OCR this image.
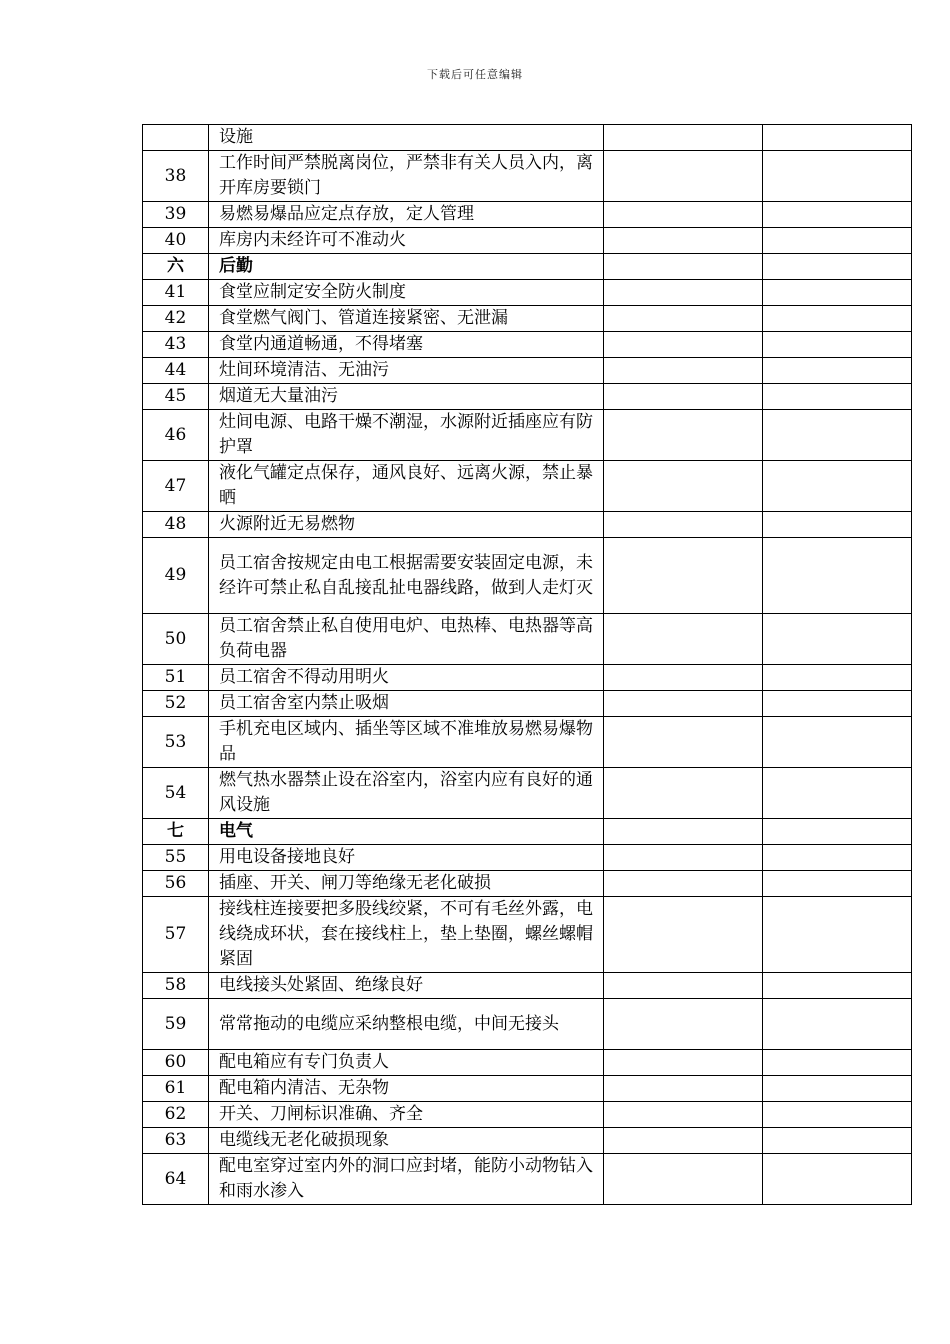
下载后可任意编辑
	设施		
38	工作时间严禁脱离岗位，严禁非有关人员入内，离开库房要锁门		
39	易燃易爆品应定点存放，定人管理		
40	库房内未经许可不准动火		
六	后勤		
41	食堂应制定安全防火制度		
42	食堂燃气阀门、管道连接紧密、无泄漏		
43	食堂内通道畅通，不得堵塞		
44	灶间环境清洁、无油污		
45	烟道无大量油污		
46	灶间电源、电路干燥不潮湿，水源附近插座应有防护罩		
47	液化气罐定点保存，通风良好、远离火源，禁止暴晒		
48	火源附近无易燃物		
49	员工宿舍按规定由电工根据需要安装固定电源，未经许可禁止私自乱接乱扯电器线路，做到人走灯灭		
50	员工宿舍禁止私自使用电炉、电热棒、电热器等高负荷电器		
51	员工宿舍不得动用明火		
52	员工宿舍室内禁止吸烟		
53	手机充电区域内、插坐等区域不准堆放易燃易爆物品		
54	燃气热水器禁止设在浴室内，浴室内应有良好的通风设施		
七	电气		
55	用电设备接地良好		
56	插座、开关、闸刀等绝缘无老化破损		
57	接线柱连接要把多股线绞紧，不可有毛丝外露，电线绕成环状，套在接线柱上，垫上垫圈，螺丝螺帽紧固		
58	电线接头处紧固、绝缘良好		
59	常常拖动的电缆应采纳整根电缆，中间无接头		
60	配电箱应有专门负责人		
61	配电箱内清洁、无杂物		
62	开关、刀闸标识准确、齐全		
63	电缆线无老化破损现象		
64	配电室穿过室内外的洞口应封堵，能防小动物钻入和雨水渗入		
